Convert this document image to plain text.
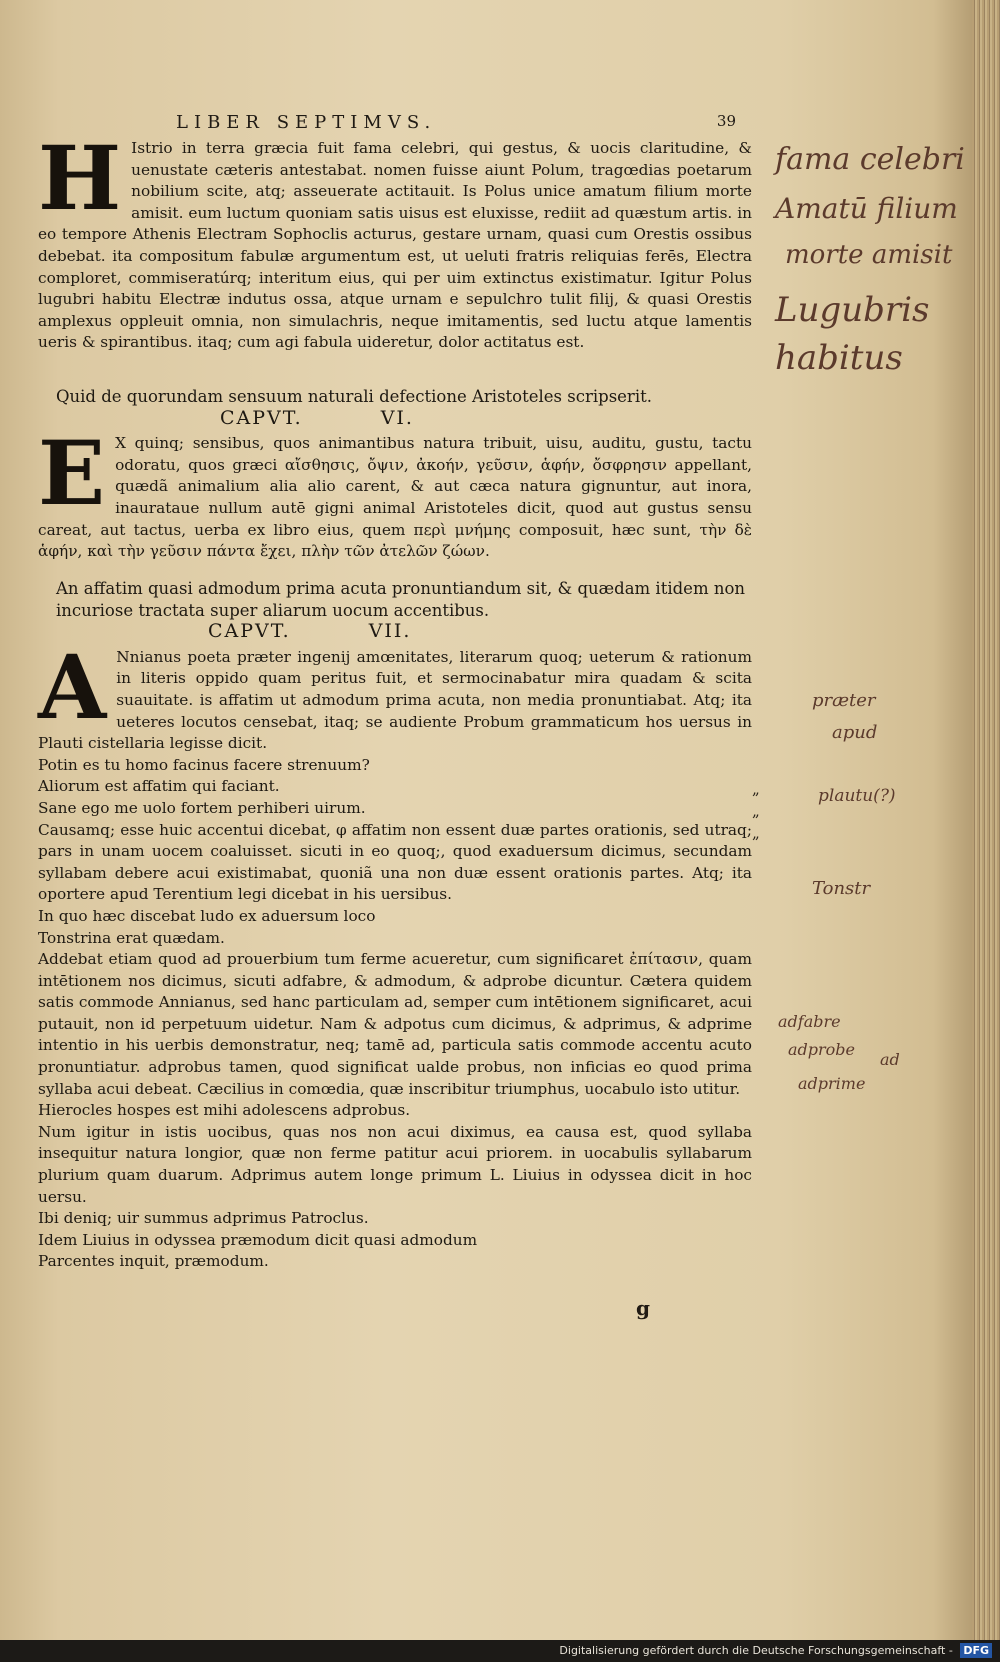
LIBER SEPTIMVS.	39
H Istrio in terra græcia fuit fama celebri, qui gestus, & uocis claritudine, & uenustate cæteris antestabat. nomen fuisse aiunt Polum, tragœdias poetarum nobilium scite, atq; asseuerate actitauit. Is Polus unice amatum filium morte amisit. eum luctum quoniam satis uisus est eluxisse, rediit ad quæstum artis. in eo tempore Athenis Electram Sophoclis acturus, gestare urnam, quasi cum Orestis ossibus debebat. ita compositum fabulæ argumentum est, ut ueluti fratris reliquias ferēs, Electra comploret, commiseratúrq; interitum eius, qui per uim extinctus existimatur. Igitur Polus lugubri habitu Electræ indutus ossa, atque urnam e sepulchro tulit filij, & quasi Orestis amplexus oppleuit omnia, non simulachris, neque imitamentis, sed luctu atque lamentis ueris & spirantibus. itaq; cum agi fabula uideretur, dolor actitatus est.

Quid de quorundam sensuum naturali defectione Aristoteles scripserit.
CAPVT.	VI.
E X quinq; sensibus, quos animantibus natura tribuit, uisu, auditu, gustu, tactu odoratu, quos græci αἴσθησις, ὄψιν, ἀκοήν, γεῦσιν, ἁφήν, ὄσφρησιν appellant, quædã animalium alia alio carent, & aut cæca natura gignuntur, aut inora, inaurataue nullum autē gigni animal Aristoteles dicit, quod aut gustus sensu careat, aut tactus, uerba ex libro eius, quem περὶ μνήμης composuit, hæc sunt, τὴν δὲ ἁφήν, καὶ τὴν γεῦσιν πάντα ἔχει, πλὴν τῶν ἀτελῶν ζώων.

An affatim quasi admodum prima acuta pronuntiandum sit, & quædam itidem non incuriose tractata super aliarum uocum accentibus.
CAPVT.	VII.
A Nnianus poeta præter ingenij amœnitates, literarum quoq; ueterum & rationum in literis oppido quam peritus fuit, et sermocinabatur mira quadam & scita suauitate. is affatim ut admodum prima acuta, non media pronuntiabat. Atq; ita ueteres locutos censebat, itaq; se audiente Probum grammaticum hos uersus in Plauti cistellaria legisse dicit.

Potin es tu homo facinus facere strenuum?
Aliorum est affatim qui faciant.
Sane ego me uolo fortem perhiberi uirum.

Causamq; esse huic accentui dicebat, φ affatim non essent duæ partes orationis, sed utraq; pars in unam uocem coaluisset. sicuti in eo quoq;, quod exaduersum dicimus, secundam syllabam debere acui existimabat, quoniã una non duæ essent orationis partes. Atq; ita oportere apud Terentium legi dicebat in his uersibus.

In quo hæc discebat ludo ex aduersum loco
Tonstrina erat quædam.

Addebat etiam quod ad prouerbium tum ferme acueretur, cum significaret ἐπίτασιν, quam intētionem nos dicimus, sicuti adfabre, & admodum, & adprobe dicuntur. Cætera quidem satis commode Annianus, sed hanc particulam ad, semper cum intētionem significaret, acui putauit, non id perpetuum uidetur. Nam & adpotus cum dicimus, & adprimus, & adprime intentio in his uerbis demonstratur, neq; tamē ad, particula satis commode accentu acuto pronuntiatur. adprobus tamen, quod significat ualde probus, non inficias eo quod prima syllaba acui debeat. Cæcilius in comœdia, quæ inscribitur triumphus, uocabulo isto utitur.

Hierocles hospes est mihi adolescens adprobus.

Num igitur in istis uocibus, quas nos non acui diximus, ea causa est, quod syllaba insequitur natura longior, quæ non ferme patitur acui priorem. in uocabulis syllabarum plurium quam duarum. Adprimus autem longe primum L. Liuius in odyssea dicit in hoc uersu.

Ibi deniq; uir summus adprimus Patroclus.

Idem Liuius in odyssea præmodum dicit quasi admodum

Parcentes inquit, præmodum.
„
„
„
g
fama celebri
Amatū filium
morte amisit
Lugubris
habitus
præter
apud
plautu(?)
Tonstr
adfabre
adprobe
ad
adprime
Digitalisierung gefördert durch die Deutsche Forschungsgemeinschaft - DFG
